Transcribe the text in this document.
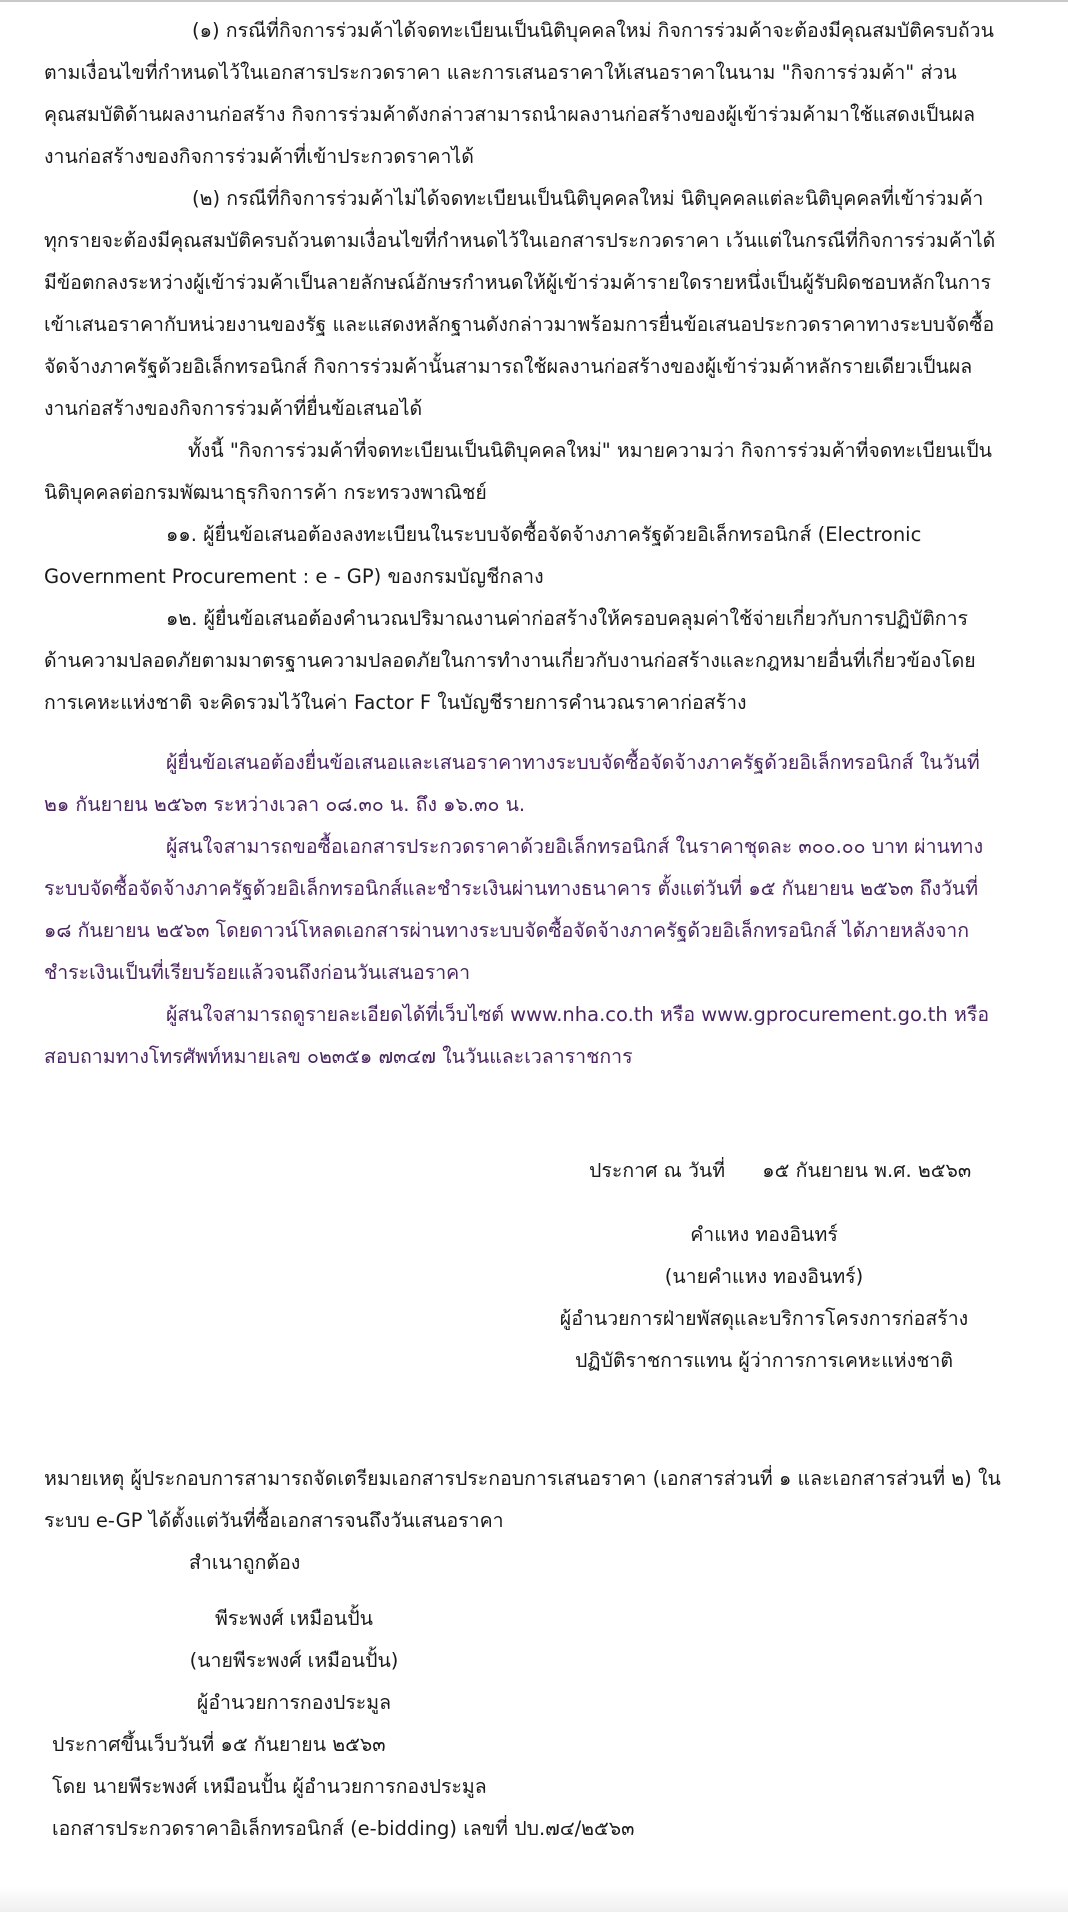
(๑) กรณีที่กิจการร่วมค้าได้จดทะเบียนเป็นนิติบุคคลใหม่ กิจการร่วมค้าจะต้องมีคุณสมบัติครบถ้วนตามเงื่อนไขที่กำหนดไว้ในเอกสารประกวดราคา และการเสนอราคาให้เสนอราคาในนาม "กิจการร่วมค้า" ส่วนคุณสมบัติด้านผลงานก่อสร้าง กิจการร่วมค้าดังกล่าวสามารถนำผลงานก่อสร้างของผู้เข้าร่วมค้ามาใช้แสดงเป็นผลงานก่อสร้างของกิจการร่วมค้าที่เข้าประกวดราคาได้

(๒) กรณีที่กิจการร่วมค้าไม่ได้จดทะเบียนเป็นนิติบุคคลใหม่ นิติบุคคลแต่ละนิติบุคคลที่เข้าร่วมค้าทุกรายจะต้องมีคุณสมบัติครบถ้วนตามเงื่อนไขที่กำหนดไว้ในเอกสารประกวดราคา เว้นแต่ในกรณีที่กิจการร่วมค้าได้มีข้อตกลงระหว่างผู้เข้าร่วมค้าเป็นลายลักษณ์อักษรกำหนดให้ผู้เข้าร่วมค้ารายใดรายหนึ่งเป็นผู้รับผิดชอบหลักในการเข้าเสนอราคากับหน่วยงานของรัฐ และแสดงหลักฐานดังกล่าวมาพร้อมการยื่นข้อเสนอประกวดราคาทางระบบจัดซื้อจัดจ้างภาครัฐด้วยอิเล็กทรอนิกส์ กิจการร่วมค้านั้นสามารถใช้ผลงานก่อสร้างของผู้เข้าร่วมค้าหลักรายเดียวเป็นผลงานก่อสร้างของกิจการร่วมค้าที่ยื่นข้อเสนอได้

ทั้งนี้ "กิจการร่วมค้าที่จดทะเบียนเป็นนิติบุคคลใหม่" หมายความว่า กิจการร่วมค้าที่จดทะเบียนเป็นนิติบุคคลต่อกรมพัฒนาธุรกิจการค้า กระทรวงพาณิชย์

๑๑. ผู้ยื่นข้อเสนอต้องลงทะเบียนในระบบจัดซื้อจัดจ้างภาครัฐด้วยอิเล็กทรอนิกส์ (Electronic Government Procurement : e - GP) ของกรมบัญชีกลาง

๑๒. ผู้ยื่นข้อเสนอต้องคำนวณปริมาณงานค่าก่อสร้างให้ครอบคลุมค่าใช้จ่ายเกี่ยวกับการปฏิบัติการด้านความปลอดภัยตามมาตรฐานความปลอดภัยในการทำงานเกี่ยวกับงานก่อสร้างและกฎหมายอื่นที่เกี่ยวข้องโดยการเคหะแห่งชาติ จะคิดรวมไว้ในค่า Factor F ในบัญชีรายการคำนวณราคาก่อสร้าง

ผู้ยื่นข้อเสนอต้องยื่นข้อเสนอและเสนอราคาทางระบบจัดซื้อจัดจ้างภาครัฐด้วยอิเล็กทรอนิกส์ ในวันที่ ๒๑ กันยายน ๒๕๖๓ ระหว่างเวลา ๐๘.๓๐ น. ถึง ๑๖.๓๐ น.

ผู้สนใจสามารถขอซื้อเอกสารประกวดราคาด้วยอิเล็กทรอนิกส์ ในราคาชุดละ ๓๐๐.๐๐ บาท ผ่านทางระบบจัดซื้อจัดจ้างภาครัฐด้วยอิเล็กทรอนิกส์และชำระเงินผ่านทางธนาคาร ตั้งแต่วันที่ ๑๕ กันยายน ๒๕๖๓ ถึงวันที่ ๑๘ กันยายน ๒๕๖๓ โดยดาวน์โหลดเอกสารผ่านทางระบบจัดซื้อจัดจ้างภาครัฐด้วยอิเล็กทรอนิกส์ ได้ภายหลังจากชำระเงินเป็นที่เรียบร้อยแล้วจนถึงก่อนวันเสนอราคา

ผู้สนใจสามารถดูรายละเอียดได้ที่เว็บไซต์ www.nha.co.th หรือ www.gprocurement.go.th หรือสอบถามทางโทรศัพท์หมายเลข ๐๒๓๕๑ ๗๓๔๗ ในวันและเวลาราชการ

ประกาศ ณ วันที่ ๑๕ กันยายน พ.ศ. ๒๕๖๓

คำแหง ทองอินทร์

(นายคำแหง ทองอินทร์)

ผู้อำนวยการฝ่ายพัสดุและบริการโครงการก่อสร้าง

ปฏิบัติราชการแทน ผู้ว่าการการเคหะแห่งชาติ

หมายเหตุ ผู้ประกอบการสามารถจัดเตรียมเอกสารประกอบการเสนอราคา (เอกสารส่วนที่ ๑ และเอกสารส่วนที่ ๒) ในระบบ e-GP ได้ตั้งแต่วันที่ซื้อเอกสารจนถึงวันเสนอราคา

สำเนาถูกต้อง

พีระพงศ์ เหมือนปั้น

(นายพีระพงศ์ เหมือนปั้น)

ผู้อำนวยการกองประมูล

ประกาศขึ้นเว็บวันที่ ๑๕ กันยายน ๒๕๖๓

โดย นายพีระพงศ์ เหมือนปั้น ผู้อำนวยการกองประมูล

เอกสารประกวดราคาอิเล็กทรอนิกส์ (e-bidding) เลขที่ ปบ.๗๔/๒๕๖๓
